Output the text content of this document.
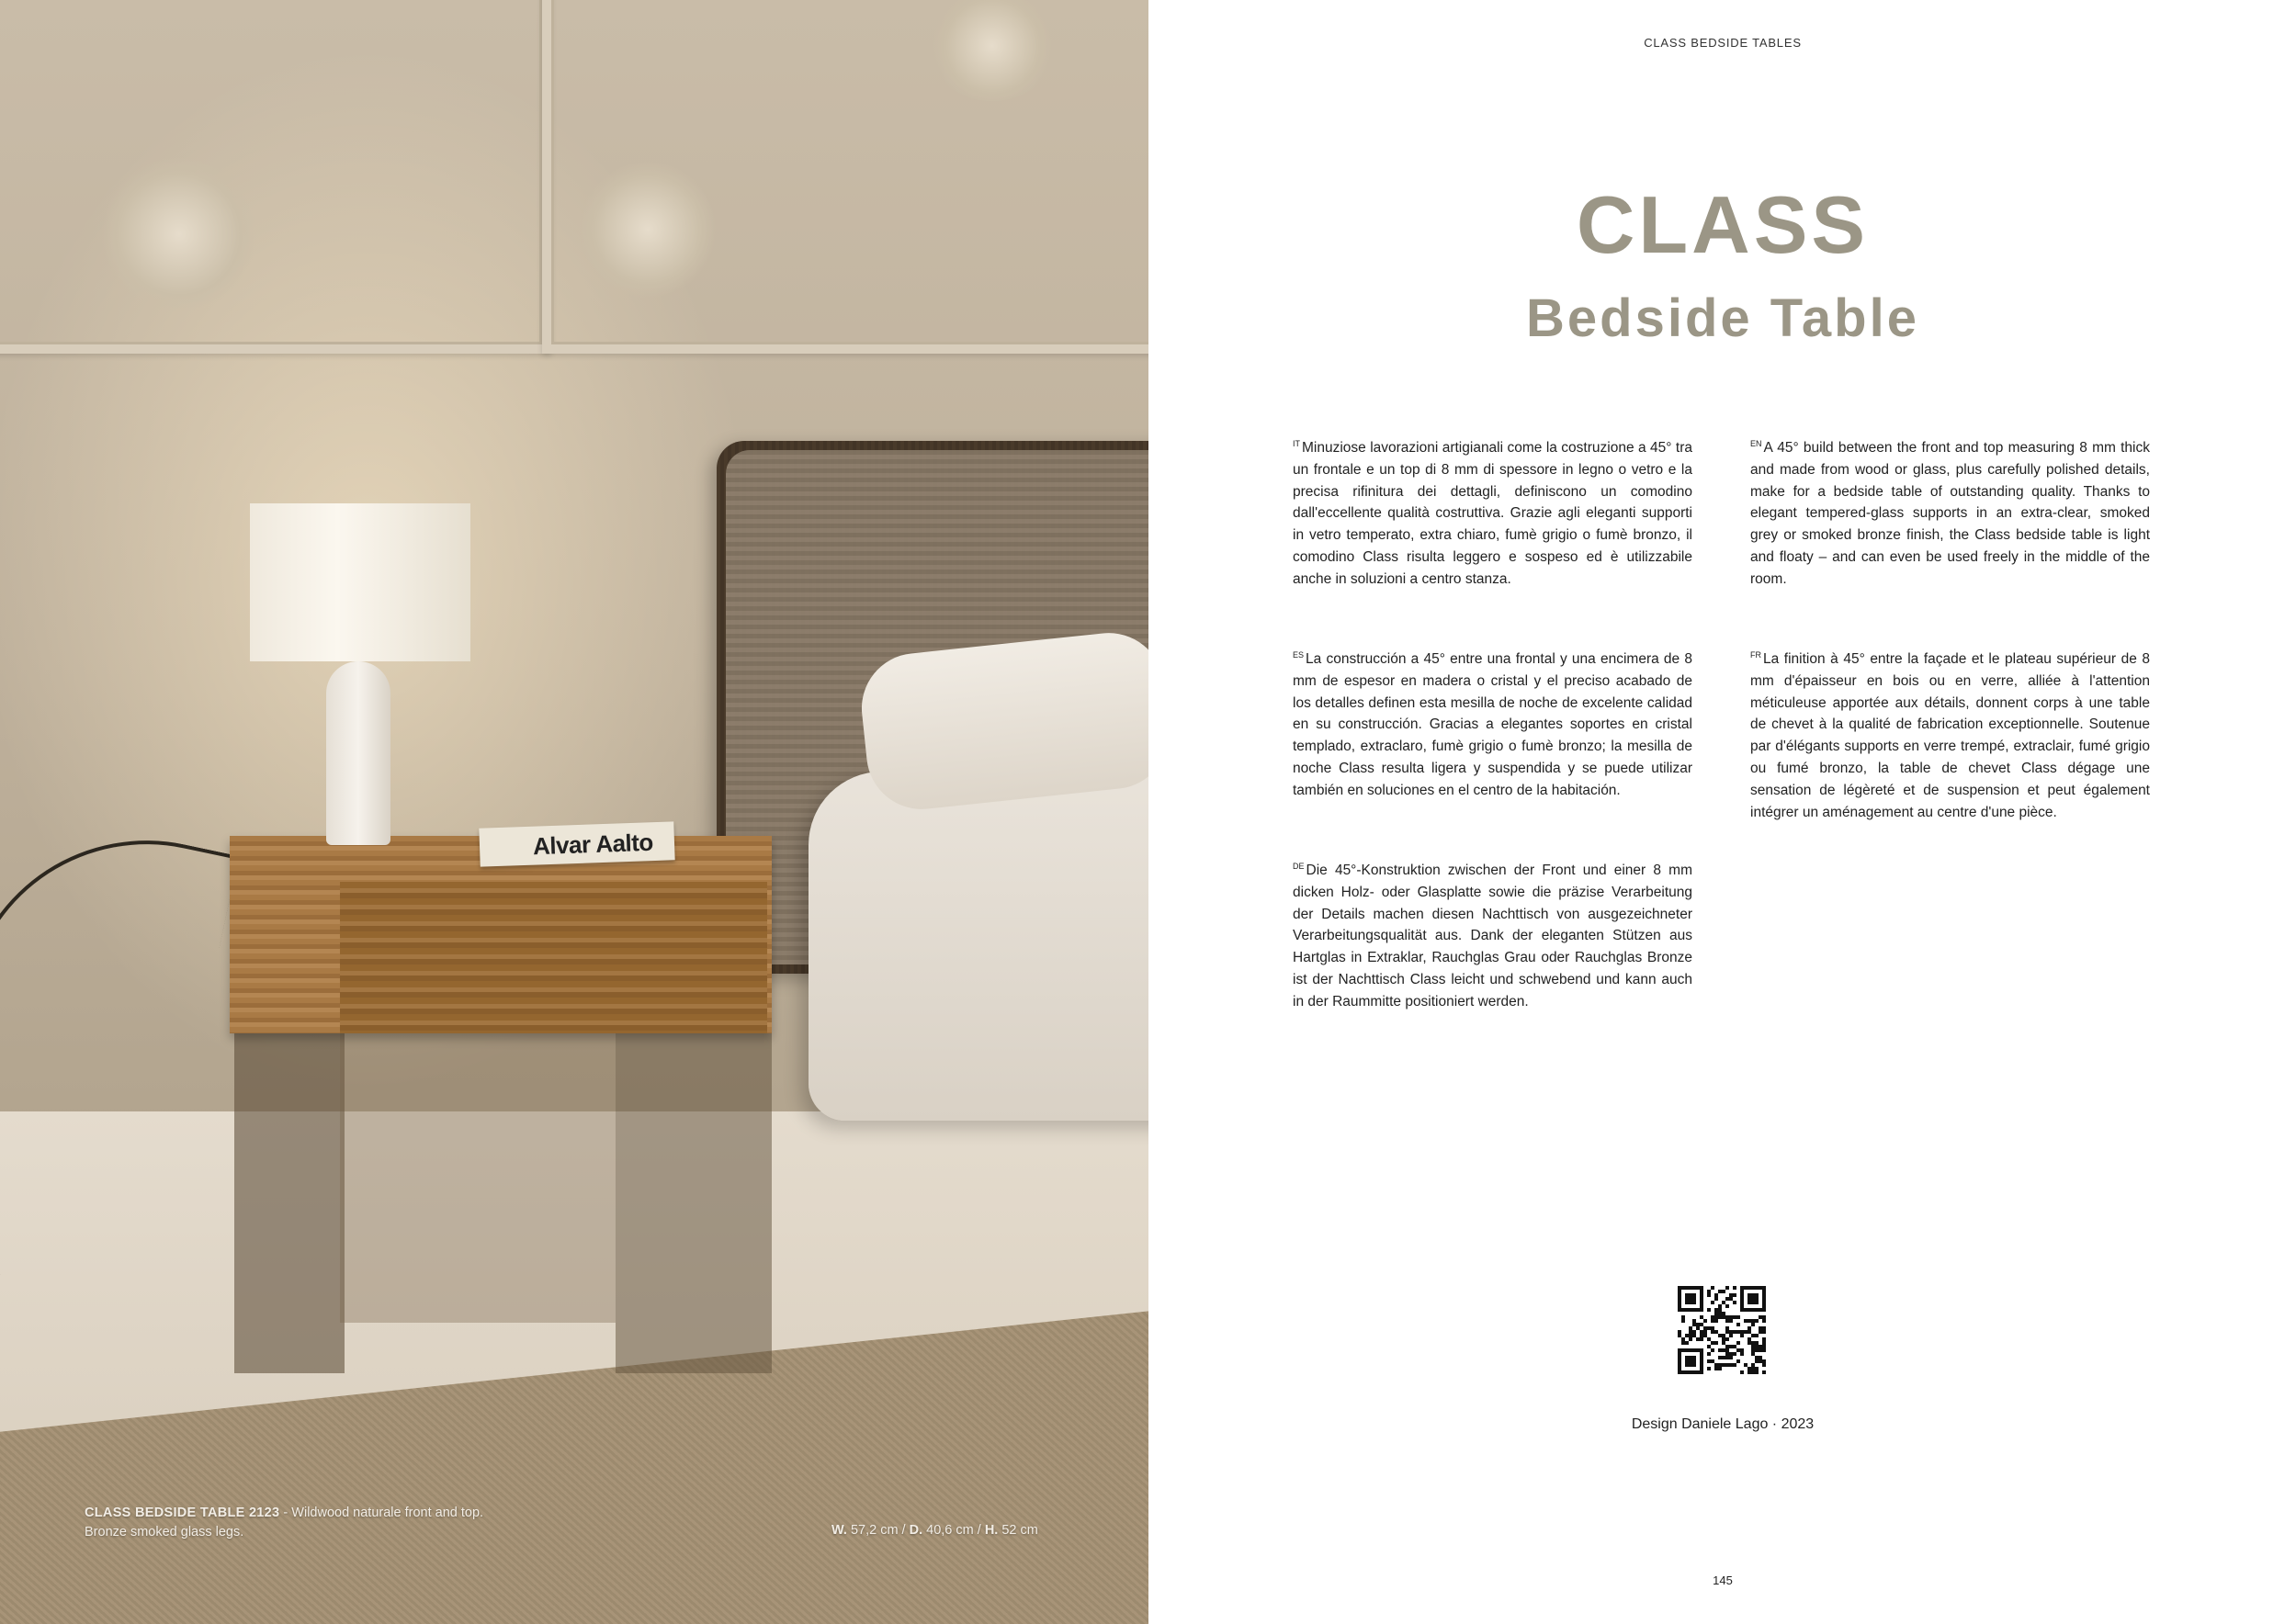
Alvar Aalto
CLASS BEDSIDE TABLE 2123 - Wildwood naturale front and top.
Bronze smoked glass legs.	W. 57,2 cm / D. 40,6 cm / H. 52 cm
CLASS BEDSIDE TABLES
CLASS
Bedside Table
$^{IT}$ Minuziose lavorazioni artigianali come la costruzione a 45° tra un frontale e un top di 8 mm di spessore in legno o vetro e la precisa rifinitura dei dettagli, definiscono un comodino dall'eccellente qualità costruttiva. Grazie agli eleganti supporti in vetro temperato, extra chiaro, fumè grigio o fumè bronzo, il comodino Class risulta leggero e sospeso ed è utilizzabile anche in soluzioni a centro stanza.
$^{EN}$ A 45° build between the front and top measuring 8 mm thick and made from wood or glass, plus carefully polished details, make for a bedside table of outstanding quality. Thanks to elegant tempered-glass supports in an extra-clear, smoked grey or smoked bronze finish, the Class bedside table is light and floaty – and can even be used freely in the middle of the room.
$^{ES}$ La construcción a 45° entre una frontal y una encimera de 8 mm de espesor en madera o cristal y el preciso acabado de los detalles definen esta mesilla de noche de excelente calidad en su construcción. Gracias a elegantes soportes en cristal templado, extraclaro, fumè grigio o fumè bronzo; la mesilla de noche Class resulta ligera y suspendida y se puede utilizar también en soluciones en el centro de la habitación.
$^{FR}$ La finition à 45° entre la façade et le plateau supérieur de 8 mm d'épaisseur en bois ou en verre, alliée à l'attention méticuleuse apportée aux détails, donnent corps à une table de chevet à la qualité de fabrication exceptionnelle. Soutenue par d'élégants supports en verre trempé, extraclair, fumé grigio ou fumé bronzo, la table de chevet Class dégage une sensation de légèreté et de suspension et peut également intégrer un aménagement au centre d'une pièce.
$^{DE}$ Die 45°-Konstruktion zwischen der Front und einer 8 mm dicken Holz- oder Glasplatte sowie die präzise Verarbeitung der Details machen diesen Nachttisch von ausgezeichneter Verarbeitungsqualität aus. Dank der eleganten Stützen aus Hartglas in Extraklar, Rauchglas Grau oder Rauchglas Bronze ist der Nachttisch Class leicht und schwebend und kann auch in der Raummitte positioniert werden.
Design Daniele Lago · 2023
145
